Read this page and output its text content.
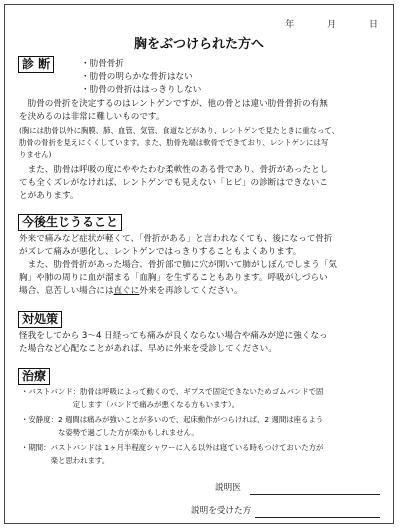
年	月	日
胸をぶつけられた方へ
診 断	・肋骨骨折
・肋骨の明らかな骨折はない
・肋骨の骨折ははっきりしない
　肋骨の骨折を決定するのはレントゲンですが、他の骨とは違い肋骨骨折の有無
を決めるのは非常に難しいものです。
(胸には肋骨以外に胸膜、肺、血管、気管、食道などがあり、レントゲンで見たときに重なって、
肋骨の骨折を見えにくくしています。また、肋骨先端は軟骨でできており、レントゲンには写
りません)
　また、肋骨は呼吸の度にややたわむ柔軟性のある骨であり、骨折があったとし
ても全くズレがなければ、レントゲンでも見えない「ヒビ」の診断はできないこ
とがあります。
今後生じうること
外来で痛みなど症状が軽くて、「骨折がある」と言われなくても、後になって骨折
がズレて痛みが悪化し、レントゲンではっきりすることもよくあります。
　また、肋骨骨折があった場合、骨折部で肺に穴が開いて肺がしぼんでしまう「気
胸」や肺の周りに血が溜まる「血胸」を生ずることもあります。呼吸がしづらい
場合、息苦しい場合には直ぐに外来を再診してください。
対処策
怪我をしてから 3～4 日経っても痛みが良くならない場合や痛みが逆に強くなっ
た場合など心配なことがあれば、早めに外来を受診してください。
治療
・バストバンド：肋骨は呼吸によって動くので、ギプスで固定できないためゴムバンドで固
　　　　　　　定します（バンドで痛みが悪くなる方もいます）。
・安静度：2 週間は痛みが強いことが多いので、起床動作がつらければ、2 週間は座るよう
　　　　　な姿勢で過ごした方が楽かもしれません。
・期間：バストバンドは 1ヶ月半程度シャワーに入る以外は寝ている時もつけておいた方が
　　　　楽と思われます。
説明医
説明を受けた方
